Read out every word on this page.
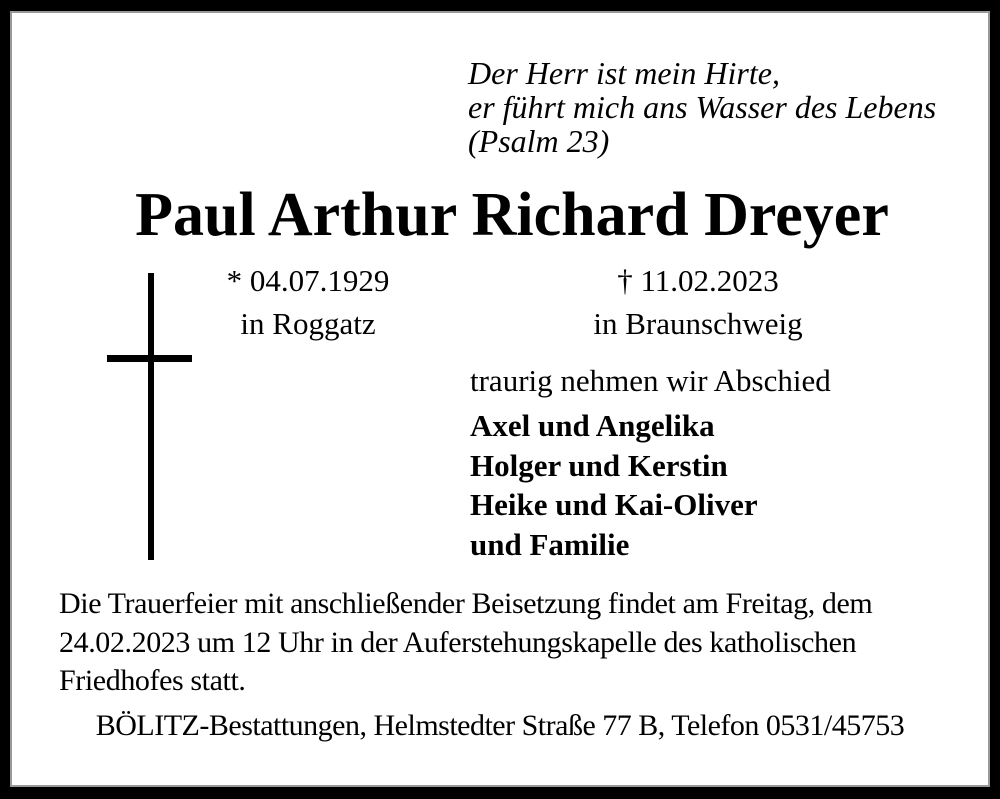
Der Herr ist mein Hirte,
er führt mich ans Wasser des Lebens
(Psalm 23)
Paul Arthur Richard Dreyer
* 04.07.1929
in Roggatz
† 11.02.2023
in Braunschweig
traurig nehmen wir Abschied
Axel und Angelika
Holger und Kerstin
Heike und Kai-Oliver
und Familie
Die Trauerfeier mit anschließender Beisetzung findet am Freitag, dem
24.02.2023 um 12 Uhr in der Auferstehungskapelle des katholischen
Friedhofes statt.
BÖLITZ-Bestattungen, Helmstedter Straße 77 B, Telefon 0531/45753
